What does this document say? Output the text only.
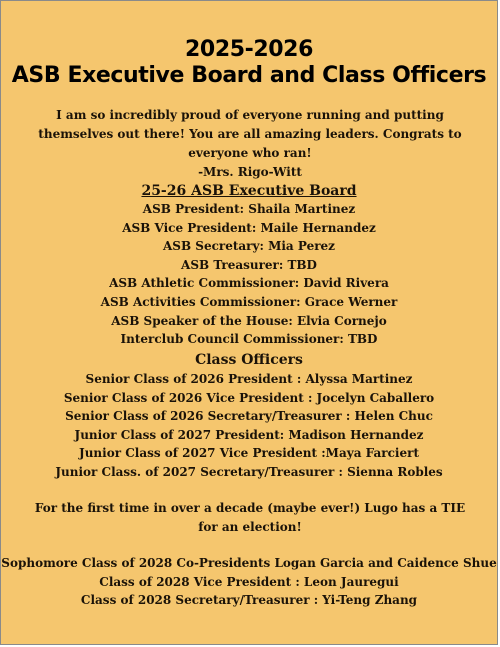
2025-2026
ASB Executive Board and Class Officers

I am so incredibly proud of everyone running and putting themselves out there! You are all amazing leaders. Congrats to everyone who ran!

-Mrs. Rigo-Witt

25-26 ASB Executive Board
ASB President: Shaila Martinez
ASB Vice President: Maile Hernandez
ASB Secretary: Mia Perez
ASB Treasurer: TBD
ASB Athletic Commissioner: David Rivera
ASB Activities Commissioner: Grace Werner
ASB Speaker of the House: Elvia Cornejo
Interclub Council Commissioner: TBD
Class Officers
Senior Class of 2026 President : Alyssa Martinez
Senior Class of 2026 Vice President : Jocelyn Caballero
Senior Class of 2026 Secretary/Treasurer : Helen Chuc
Junior Class of 2027 President: Madison Hernandez
Junior Class of 2027 Vice President :Maya Farciert
Junior Class. of 2027 Secretary/Treasurer : Sienna Robles
For the first time in over a decade (maybe ever!) Lugo has a TIE for an election!
Sophomore Class of 2028 Co-Presidents Logan Garcia and Caidence Shue
Class of 2028 Vice President : Leon Jauregui
Class of 2028 Secretary/Treasurer : Yi-Teng Zhang
